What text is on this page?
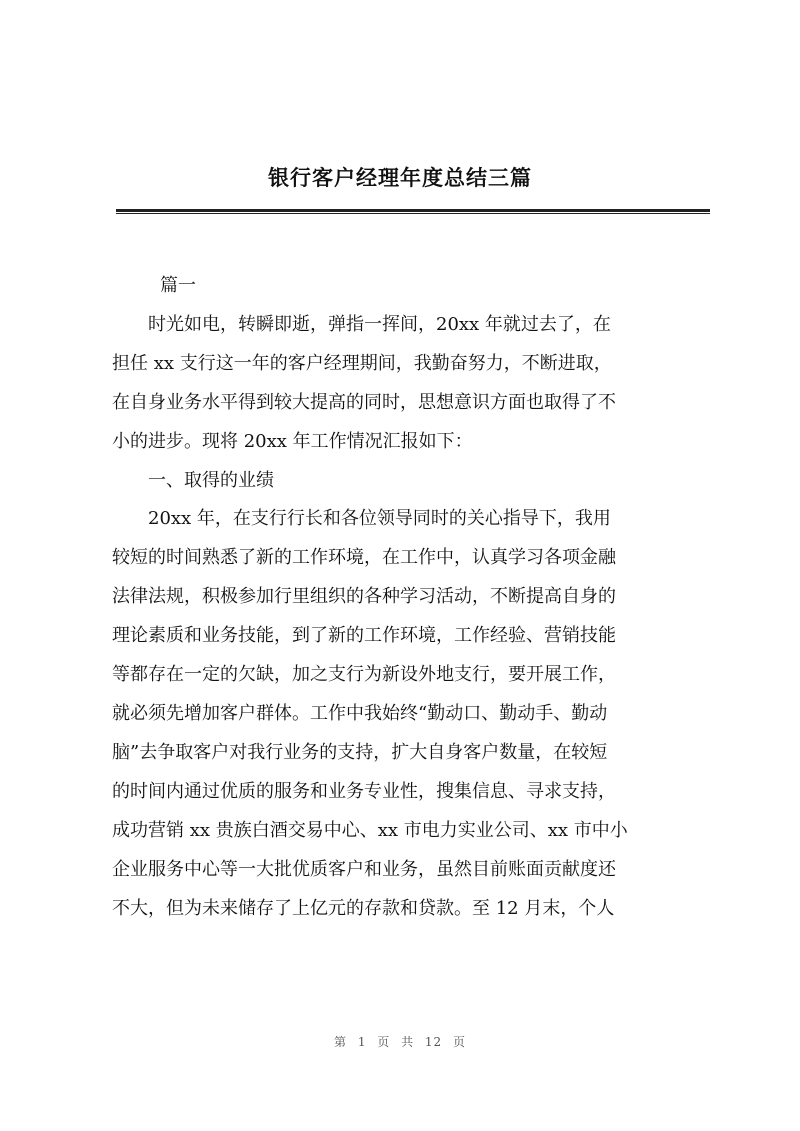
银行客户经理年度总结三篇

篇一

时光如电，转瞬即逝，弹指一挥间，20xx 年就过去了，在

担任 xx 支行这一年的客户经理期间，我勤奋努力，不断进取，

在自身业务水平得到较大提高的同时，思想意识方面也取得了不

小的进步。现将 20xx 年工作情况汇报如下：

一、取得的业绩

20xx 年，在支行行长和各位领导同时的关心指导下，我用

较短的时间熟悉了新的工作环境，在工作中，认真学习各项金融

法律法规，积极参加行里组织的各种学习活动，不断提高自身的

理论素质和业务技能，到了新的工作环境，工作经验、营销技能

等都存在一定的欠缺，加之支行为新设外地支行，要开展工作，

就必须先增加客户群体。工作中我始终“勤动口、勤动手、勤动

脑”去争取客户对我行业务的支持，扩大自身客户数量，在较短

的时间内通过优质的服务和业务专业性，搜集信息、寻求支持，

成功营销 xx 贵族白酒交易中心、xx 市电力实业公司、xx 市中小

企业服务中心等一大批优质客户和业务，虽然目前账面贡献度还

不大，但为未来储存了上亿元的存款和贷款。至 12 月末，个人

第 1 页 共 12 页
